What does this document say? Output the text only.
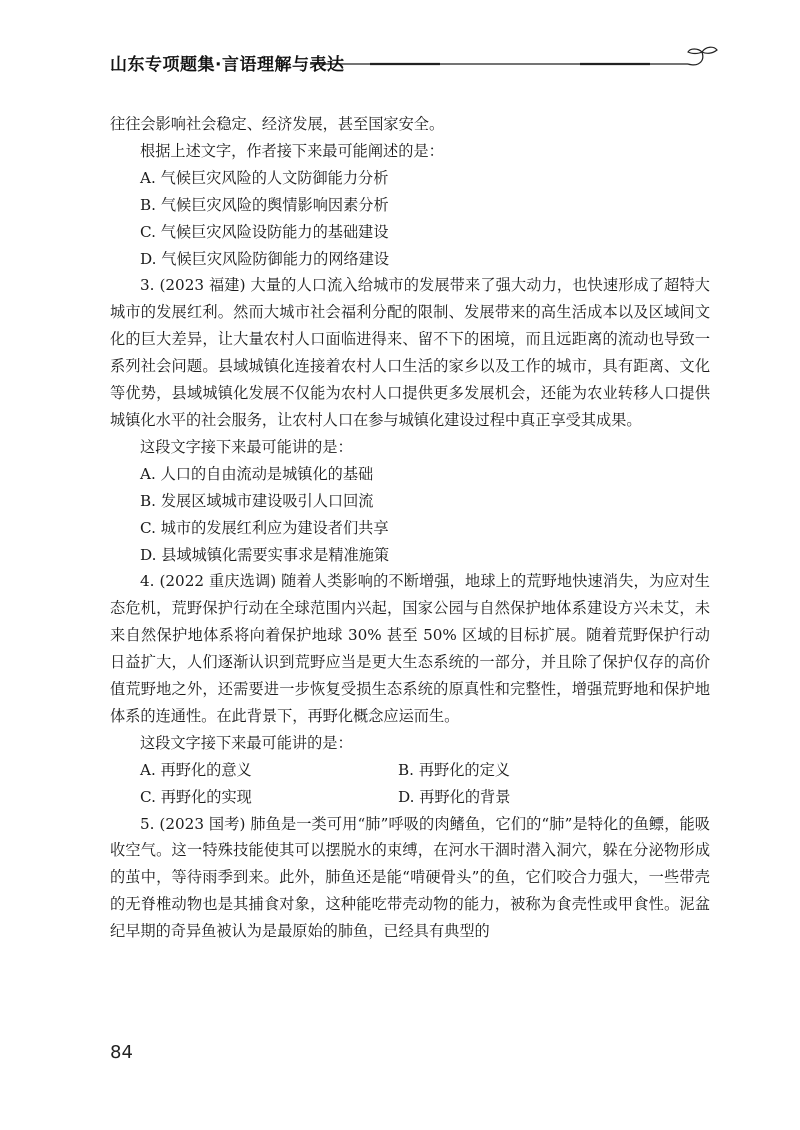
山东专项题集·言语理解与表达

往往会影响社会稳定、经济发展，甚至国家安全。

根据上述文字，作者接下来最可能阐述的是：

A. 气候巨灾风险的人文防御能力分析

B. 气候巨灾风险的舆情影响因素分析

C. 气候巨灾风险设防能力的基础建设

D. 气候巨灾风险防御能力的网络建设

3. (2023 福建) 大量的人口流入给城市的发展带来了强大动力，也快速形成了超特大城市的发展红利。然而大城市社会福利分配的限制、发展带来的高生活成本以及区域间文化的巨大差异，让大量农村人口面临进得来、留不下的困境，而且远距离的流动也导致一系列社会问题。县域城镇化连接着农村人口生活的家乡以及工作的城市，具有距离、文化等优势，县域城镇化发展不仅能为农村人口提供更多发展机会，还能为农业转移人口提供城镇化水平的社会服务，让农村人口在参与城镇化建设过程中真正享受其成果。

这段文字接下来最可能讲的是：

A. 人口的自由流动是城镇化的基础

B. 发展区域城市建设吸引人口回流

C. 城市的发展红利应为建设者们共享

D. 县域城镇化需要实事求是精准施策

4. (2022 重庆选调) 随着人类影响的不断增强，地球上的荒野地快速消失，为应对生态危机，荒野保护行动在全球范围内兴起，国家公园与自然保护地体系建设方兴未艾，未来自然保护地体系将向着保护地球 30% 甚至 50% 区域的目标扩展。随着荒野保护行动日益扩大，人们逐渐认识到荒野应当是更大生态系统的一部分，并且除了保护仅存的高价值荒野地之外，还需要进一步恢复受损生态系统的原真性和完整性，增强荒野地和保护地体系的连通性。在此背景下，再野化概念应运而生。

这段文字接下来最可能讲的是：

A. 再野化的意义	B. 再野化的定义

C. 再野化的实现	D. 再野化的背景

5. (2023 国考) 肺鱼是一类可用“肺”呼吸的肉鳍鱼，它们的“肺”是特化的鱼鳔，能吸收空气。这一特殊技能使其可以摆脱水的束缚，在河水干涸时潜入洞穴，躲在分泌物形成的茧中，等待雨季到来。此外，肺鱼还是能“啃硬骨头”的鱼，它们咬合力强大，一些带壳的无脊椎动物也是其捕食对象，这种能吃带壳动物的能力，被称为食壳性或甲食性。泥盆纪早期的奇异鱼被认为是最原始的肺鱼，已经具有典型的

84
